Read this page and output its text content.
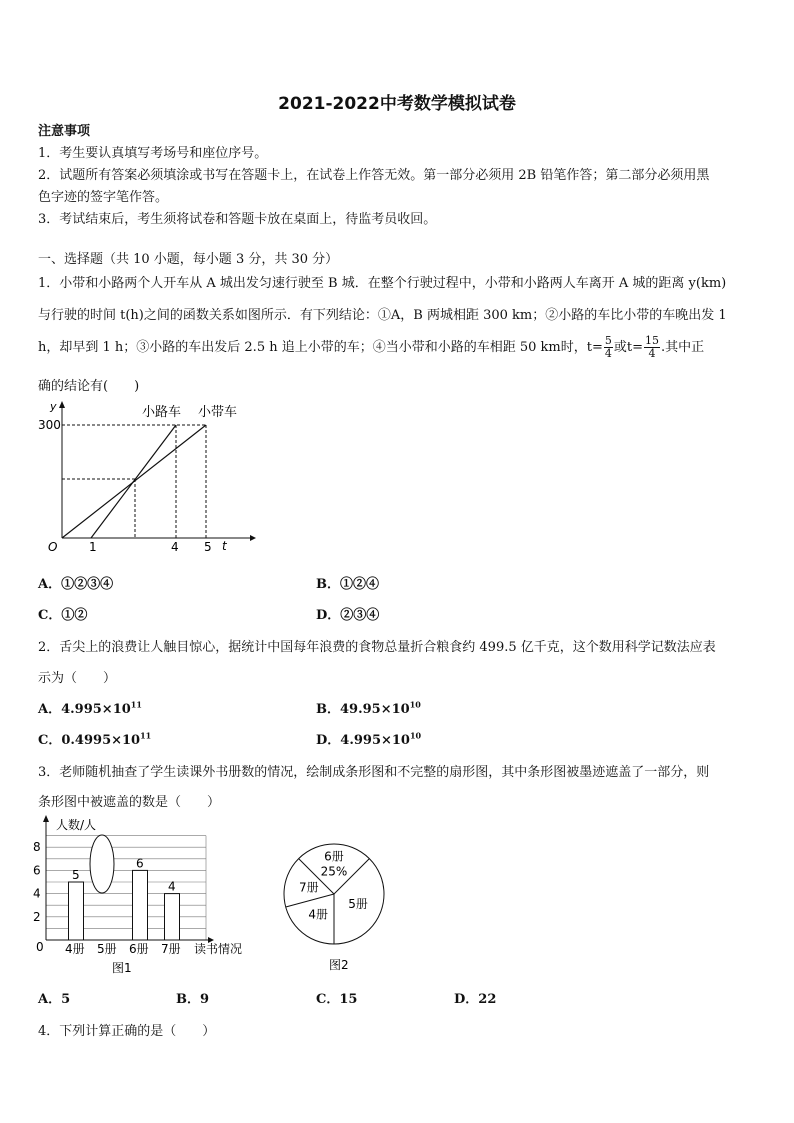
2021-2022中考数学模拟试卷
注意事项
1．考生要认真填写考场号和座位序号。
2．试题所有答案必须填涂或书写在答题卡上，在试卷上作答无效。第一部分必须用 2B 铅笔作答；第二部分必须用黑
色字迹的签字笔作答。
3．考试结束后，考生须将试卷和答题卡放在桌面上，待监考员收回。
一、选择题（共 10 小题，每小题 3 分，共 30 分）
1．小带和小路两个人开车从 A 城出发匀速行驶至 B 城．在整个行驶过程中，小带和小路两人车离开 A 城的距离 y(km)
与行驶的时间 t(h)之间的函数关系如图所示．有下列结论：①A，B 两城相距 300 km；②小路的车比小带的车晚出发 1
h，却早到 1 h；③小路的车出发后 2.5 h 追上小带的车；④当小带和小路的车相距 50 km时，$t= \frac{5}{4}$ 或$t= \frac{15}{4}$ .其中正
确的结论有(　　)
y
t
O
300
1	4 5
小路车 小带车
A．①②③④	B．①②④
C．①②	D．②③④
2．舌尖上的浪费让人触目惊心，据统计中国每年浪费的食物总量折合粮食约 499.5 亿千克，这个数用科学记数法应表
示为（　　）
A．$4.995\times 10^{11}$	B．$49.95\times 10^{10}$
C．$0.4995\times 10^{11}$	D．$4.995\times 10^{10}$
3．老师随机抽查了学生读课外书册数的情况，绘制成条形图和不完整的扇形图，其中条形图被墨迹遮盖了一部分，则
条形图中被遮盖的数是（　　）
人数/人
读书情况
0
2
4
6
8
5
4册 5册
6
6册
4
7册
图1
6册
25%
5册
4册
7册
图2
A．5	B．9	C．15	D．22
4．下列计算正确的是（　　）
